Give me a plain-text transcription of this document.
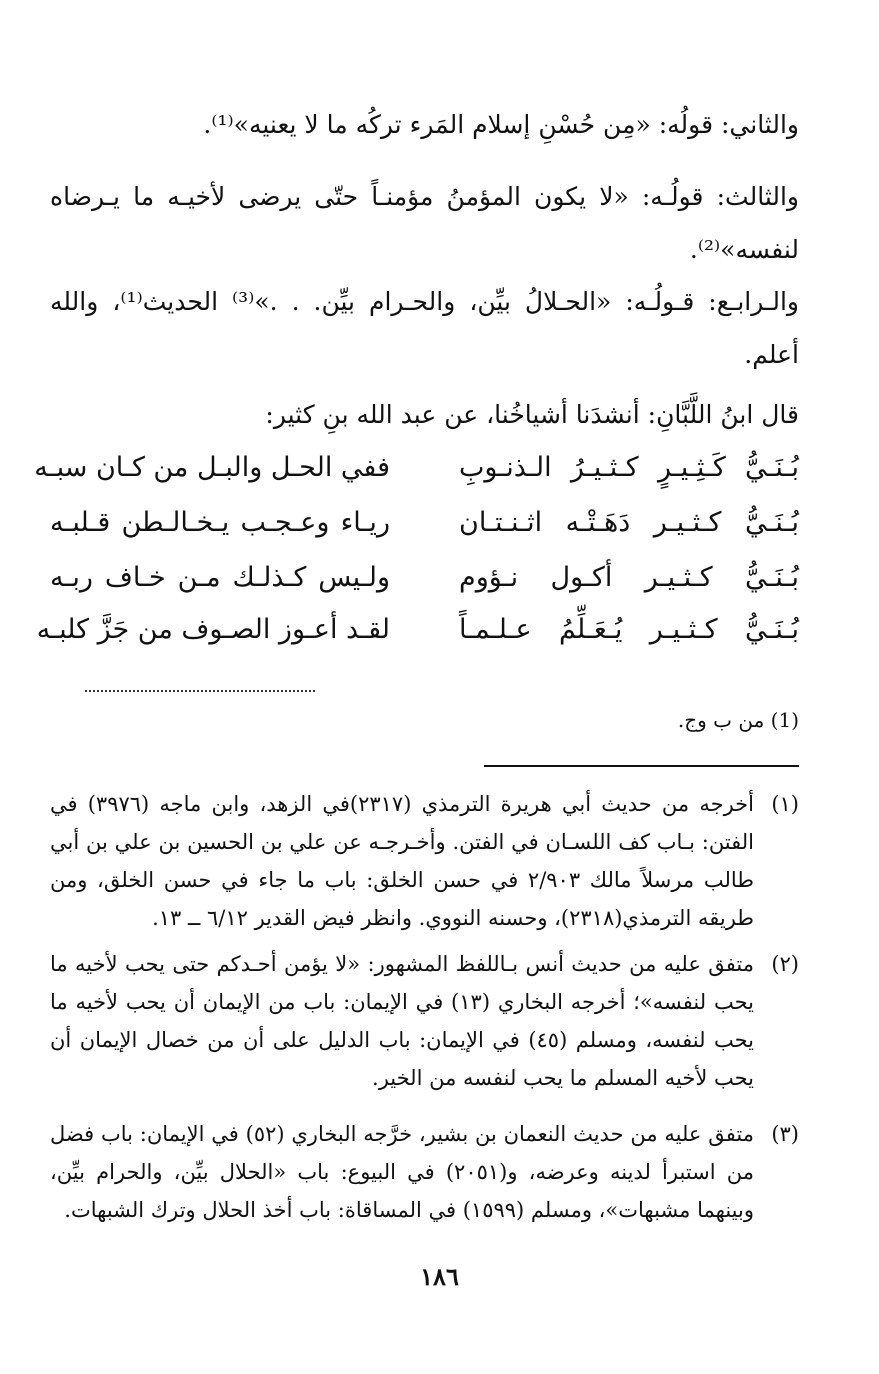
والثاني: قولُه: «مِن حُسْنِ إسلام المَرء تركُه ما لا يعنيه»⁽¹⁾.

والثالث: قولُـه: «لا يكون المؤمنُ مؤمنـاً حتّى يرضى لأخيـه ما يـرضاه لنفسه»⁽²⁾.

والـرابـع: قـولُـه: «الحـلالُ بيِّن، والحـرام بيِّن. . .»⁽³⁾ الحديث⁽¹⁾، والله أعلم.

قال ابنُ اللَّبَّانِ: أنشدَنا أشياخُنا، عن عبد الله بنِ كثير:

بُـنَـيُّ كَـثِـيـرٍ كـثـيـرُ الـذنـوبِ
ففي الحـل والبـل من كـان سبـه
بُـنَـيُّ كـثـيـر دَهَـتْـه اثـنـتـان
ريـاء وعـجـب يـخـالـطن قـلبـه
بُـنَـيُّ كـثـيـر أكـول نـؤوم
ولـيس كـذلـك مـن خـاف ربـه
بُـنَـيُّ كـثـيـر يُـعَـلِّمُ عـلـمـاً
لقـد أعـوز الصـوف من جَزَّ كلبـه
(1) من ب وج.
(١)
أخرجه من حديث أبي هريرة الترمذي (٢٣١٧)في الزهد، وابن ماجه (٣٩٧٦) في الفتن: بـاب كف اللسـان في الفتن. وأخـرجـه عن علي بن الحسين بن علي بن أبي طالب مرسلاً مالك ٢/٩٠٣ في حسن الخلق: باب ما جاء في حسن الخلق، ومن طريقه الترمذي(٢٣١٨)، وحسنه النووي. وانظر فيض القدير ٦/١٢ ــ ١٣.
(٢)
متفق عليه من حديث أنس بـاللفظ المشهور: «لا يؤمن أحـدكم حتى يحب لأخيه ما يحب لنفسه»؛ أخرجه البخاري (١٣) في الإيمان: باب من الإيمان أن يحب لأخيه ما يحب لنفسه، ومسلم (٤٥) في الإيمان: باب الدليل على أن من خصال الإيمان أن يحب لأخيه المسلم ما يحب لنفسه من الخير.
(٣)
متفق عليه من حديث النعمان بن بشير، خرَّجه البخاري (٥٢) في الإيمان: باب فضل من استبرأ لدينه وعرضه، و(٢٠٥١) في البيوع: باب «الحلال بيِّن، والحرام بيِّن، وبينهما مشبهات»، ومسلم (١٥٩٩) في المساقاة: باب أخذ الحلال وترك الشبهات.
١٨٦
